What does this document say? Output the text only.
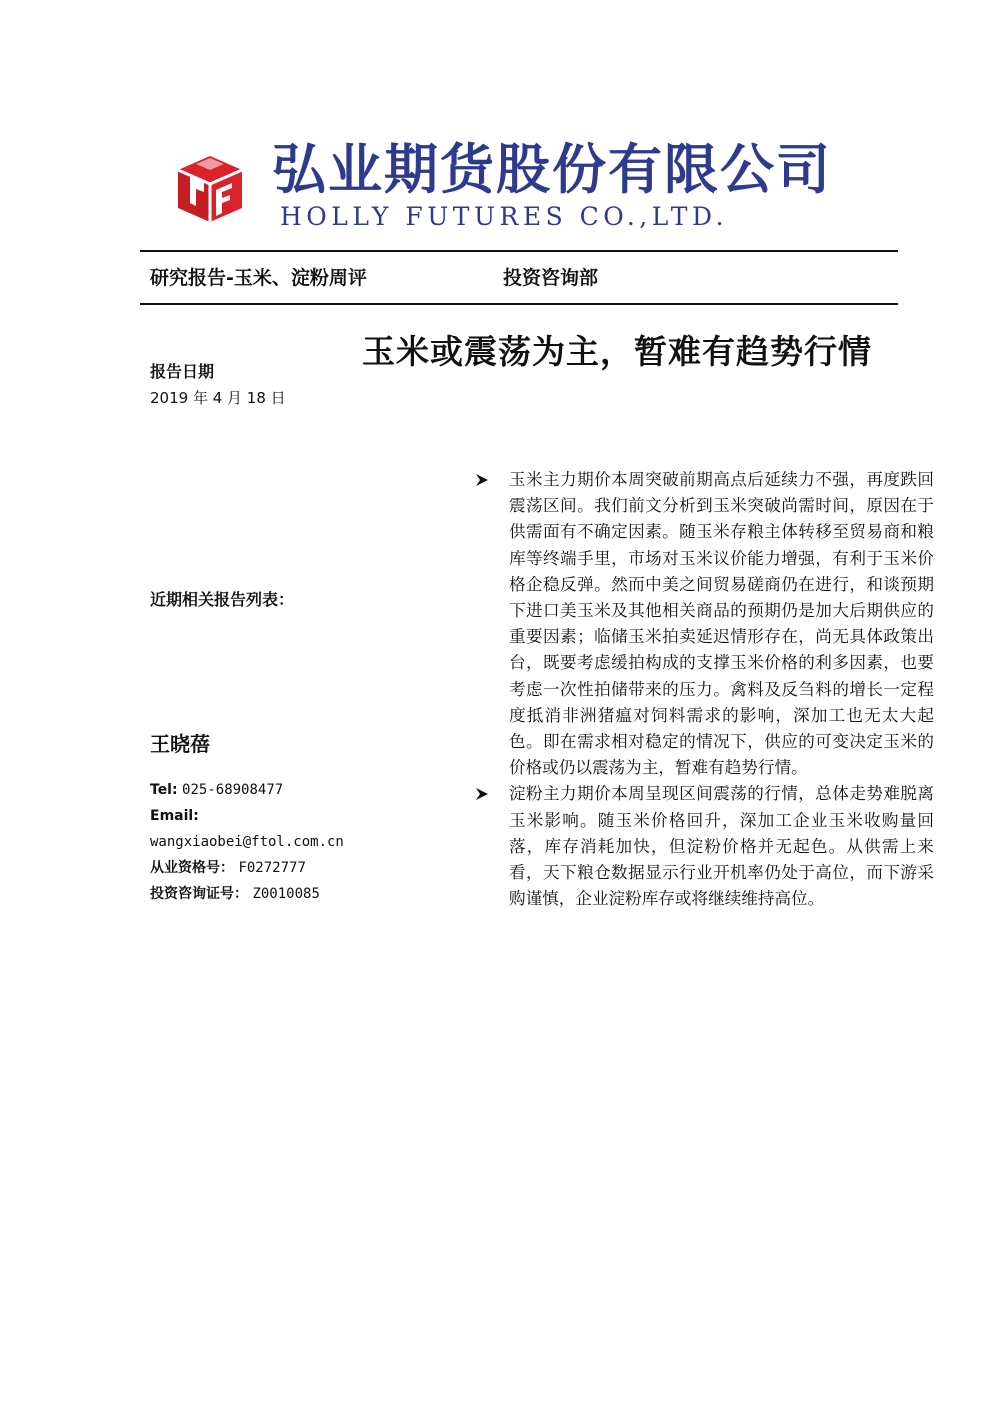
弘业期货股份有限公司
HOLLY FUTURES CO.,LTD.
研究报告-玉米、淀粉周评	投资咨询部
玉米或震荡为主，暂难有趋势行情
报告日期
2019 年 4 月 18 日
近期相关报告列表：
王晓蓓
Tel: 025-68908477
Email:
wangxiaobei@ftol.com.cn
从业资格号： F0272777
投资咨询证号： Z0010085

玉米主力期价本周突破前期高点后延续力不强，再度跌回震荡区间。我们前文分析到玉米突破尚需时间，原因在于供需面有不确定因素。随玉米存粮主体转移至贸易商和粮库等终端手里，市场对玉米议价能力增强，有利于玉米价格企稳反弹。然而中美之间贸易磋商仍在进行，和谈预期下进口美玉米及其他相关商品的预期仍是加大后期供应的重要因素；临储玉米拍卖延迟情形存在，尚无具体政策出台，既要考虑缓拍构成的支撑玉米价格的利多因素，也要考虑一次性拍储带来的压力。禽料及反刍料的增长一定程度抵消非洲猪瘟对饲料需求的影响，深加工也无太大起色。即在需求相对稳定的情况下，供应的可变决定玉米的价格或仍以震荡为主，暂难有趋势行情。

淀粉主力期价本周呈现区间震荡的行情，总体走势难脱离玉米影响。随玉米价格回升，深加工企业玉米收购量回落，库存消耗加快，但淀粉价格并无起色。从供需上来看，天下粮仓数据显示行业开机率仍处于高位，而下游采购谨慎，企业淀粉库存或将继续维持高位。
